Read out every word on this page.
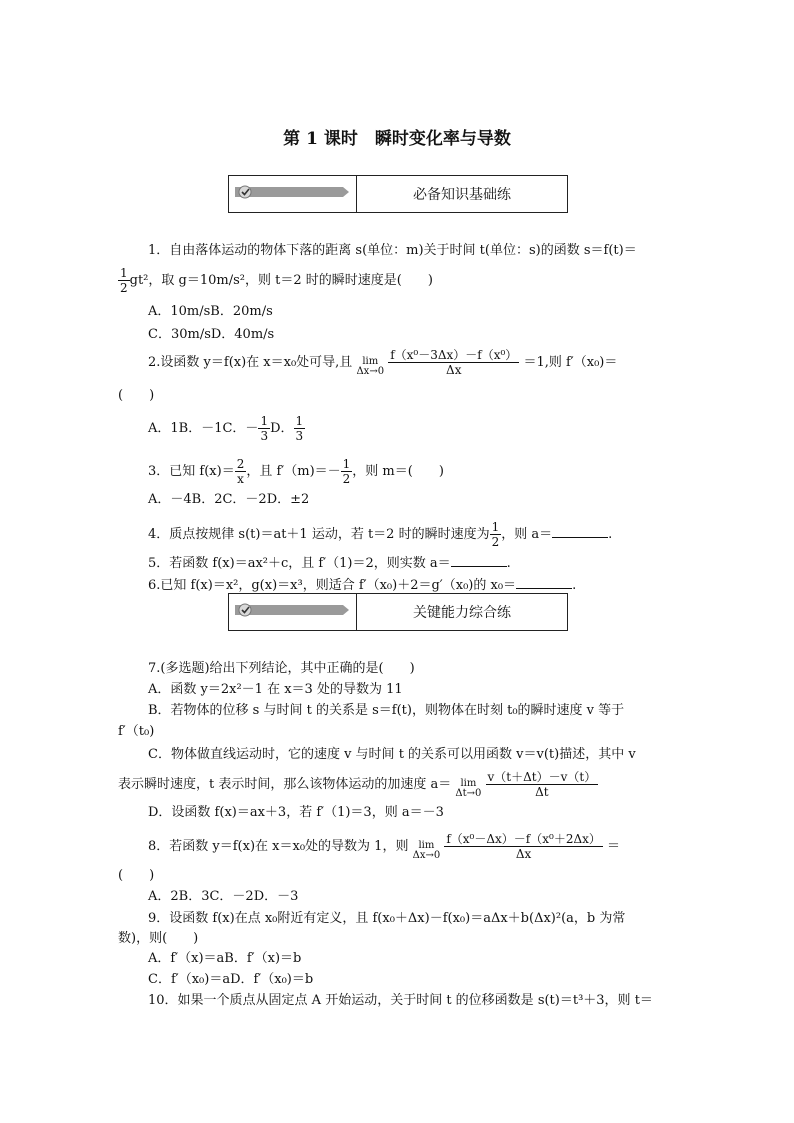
第 1 课时　瞬时变化率与导数
必备知识基础练
1．自由落体运动的物体下落的距离 s(单位：m)关于时间 t(单位：s)的函数 s＝f(t)＝
$\frac{1}{2} gt^2$，取 g＝10m/s²，则 t＝2 时的瞬时速度是(　　)
A．10m/sB．20m/s
C．30m/sD．40m/s
2.设函数 y＝f(x)在 x＝x₀处可导,且 lim
$\Delta x\to 0 \frac{\text{f（x⁰－3Δx）－f（x⁰）}}{\Delta x} =1$,则 f′（x₀)＝
(　　)
A．1B．－1C．－ $\frac{1}{3}$ D． $\frac{1}{3}$
3．已知 $f(x)= \frac{2}{x}$ ，且 $f'(m)=- \frac{1}{2}$ ，则 m＝(　　)
A．－4B．2C．－2D．±2
4．质点按规律 s(t)＝at＋1 运动，若 t＝2 时的瞬时速度为 $\frac{1}{2}$ ，则 a＝	.
5．若函数 f(x)＝ax²＋c，且 f′（1)＝2，则实数 a＝	.
6.已知 f(x)＝x²，g(x)＝x³，则适合 f′（x₀)＋2＝g′（x₀)的 x₀＝	.
关键能力综合练
7.(多选题)给出下列结论，其中正确的是(　　)
A．函数 y＝2x²－1 在 x＝3 处的导数为 11
B．若物体的位移 s 与时间 t 的关系是 s＝f(t)，则物体在时刻 t₀的瞬时速度 v 等于
f′（t₀)
C．物体做直线运动时，它的速度 v 与时间 t 的关系可以用函数 v＝v(t)描述，其中 v
表示瞬时速度，t 表示时间，那么该物体运动的加速度 a＝ lim
$\Delta t\to 0 \frac{v(t+\Delta t)-v(t)}{\Delta t}$
D．设函数 f(x)＝ax＋3，若 f′（1)＝3，则 a＝－3
8．若函数 y＝f(x)在 x＝x₀处的导数为 1，则 lim
$\Delta x\to 0 \frac{\text{f（x⁰－Δx）－f（x⁰＋2Δx）}}{\Delta x}$ ＝
(　　)
A．2B．3C．－2D．－3
9．设函数 f(x)在点 x₀附近有定义，且 f(x₀＋Δx)－f(x₀)＝aΔx＋b(Δx)²(a，b 为常
数)，则(　　)
A．f′（x)＝aB．f′（x)＝b
C．f′（x₀)＝aD．f′（x₀)＝b
10．如果一个质点从固定点 A 开始运动，关于时间 t 的位移函数是 s(t)＝t³＋3，则 t＝
